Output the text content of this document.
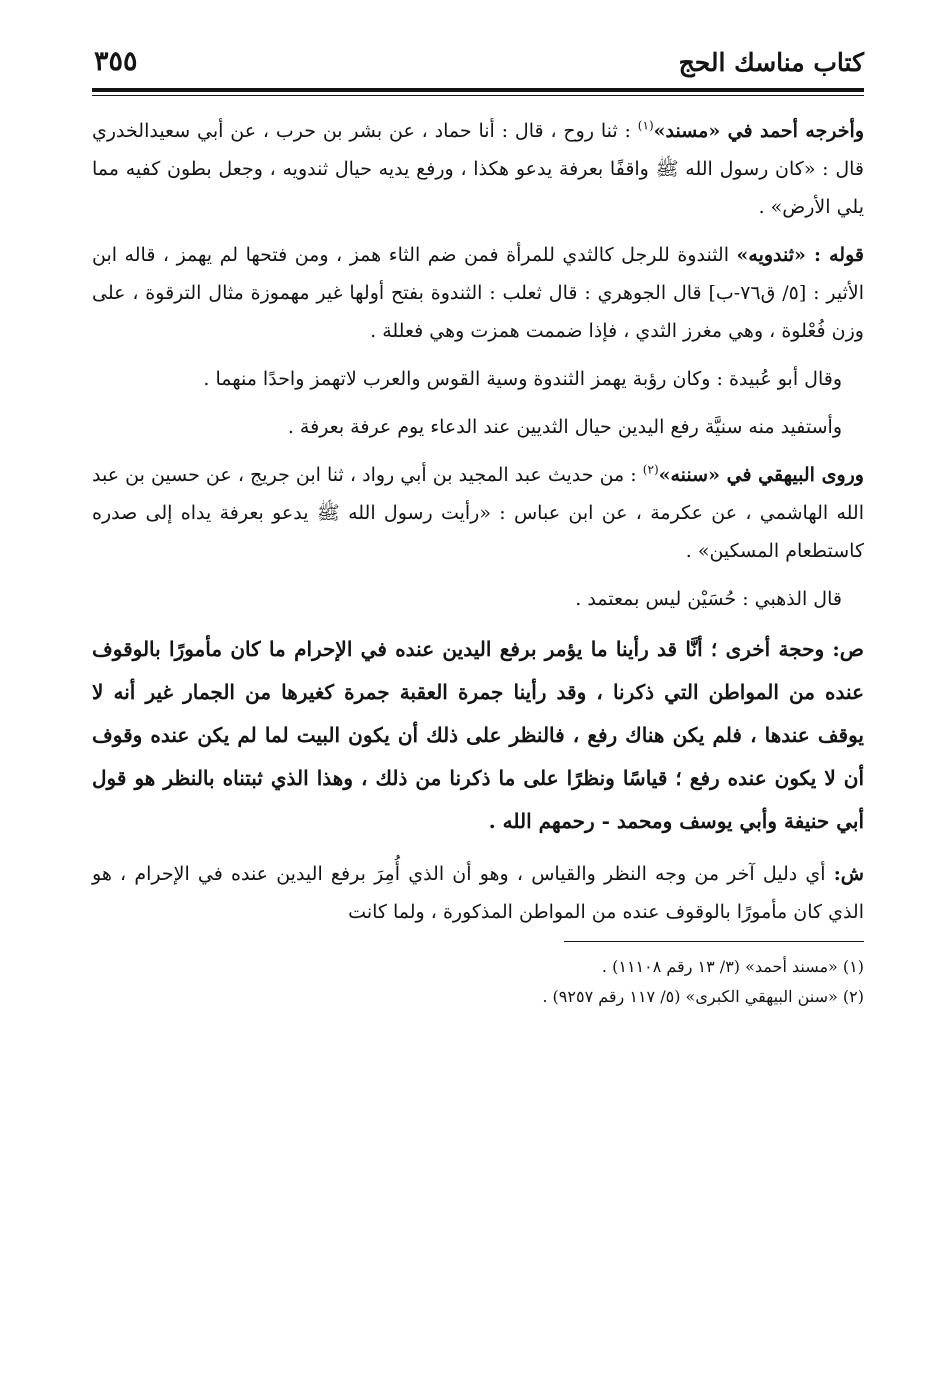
كتاب مناسك الحج
٣٥٥

وأخرجه أحمد في «مسند»$^{(١)}$ : ثنا روح ، قال : أنا حماد ، عن بشر بن حرب ، عن أبي سعيدالخدري قال : «كان رسول الله ﷺ واقفًا بعرفة يدعو هكذا ، ورفع يديه حيال ثندويه ، وجعل بطون كفيه مما يلي الأرض» .

قوله : «ثندويه» الثندوة للرجل كالثدي للمرأة فمن ضم الثاء همز ، ومن فتحها لم يهمز ، قاله ابن الأثير : [٥/ ق٧٦-ب] قال الجوهري : قال ثعلب : الثندوة بفتح أولها غير مهموزة مثال الترقوة ، على وزن فُعْلوة ، وهي مغرز الثدي ، فإذا ضممت همزت وهي فعللة .

وقال أبو عُبيدة : وكان رؤبة يهمز الثندوة وسية القوس والعرب لاتهمز واحدًا منهما .

وأستفيد منه سنيَّة رفع اليدين حيال الثديين عند الدعاء يوم عرفة بعرفة .

وروى البيهقي في «سننه»$^{(٢)}$ : من حديث عبد المجيد بن أبي رواد ، ثنا ابن جريج ، عن حسين بن عبد الله الهاشمي ، عن عكرمة ، عن ابن عباس : «رأيت رسول الله ﷺ يدعو بعرفة يداه إلى صدره كاستطعام المسكين» .

قال الذهبي : حُسَيْن ليس بمعتمد .

ص: وحجة أخرى ؛ أنَّا قد رأينا ما يؤمر برفع اليدين عنده في الإحرام ما كان مأمورًا بالوقوف عنده من المواطن التي ذكرنا ، وقد رأينا جمرة العقبة جمرة كغيرها من الجمار غير أنه لا يوقف عندها ، فلم يكن هناك رفع ، فالنظر على ذلك أن يكون البيت لما لم يكن عنده وقوف أن لا يكون عنده رفع ؛ قياسًا ونظرًا على ما ذكرنا من ذلك ، وهذا الذي ثبتناه بالنظر هو قول أبي حنيفة وأبي يوسف ومحمد - رحمهم الله .

ش: أي دليل آخر من وجه النظر والقياس ، وهو أن الذي أُمِرَ برفع اليدين عنده في الإحرام ، هو الذي كان مأمورًا بالوقوف عنده من المواطن المذكورة ، ولما كانت

(١) «مسند أحمد» (٣/ ١٣ رقم ١١١٠٨) .

(٢) «سنن البيهقي الكبرى» (٥/ ١١٧ رقم ٩٢٥٧) .
